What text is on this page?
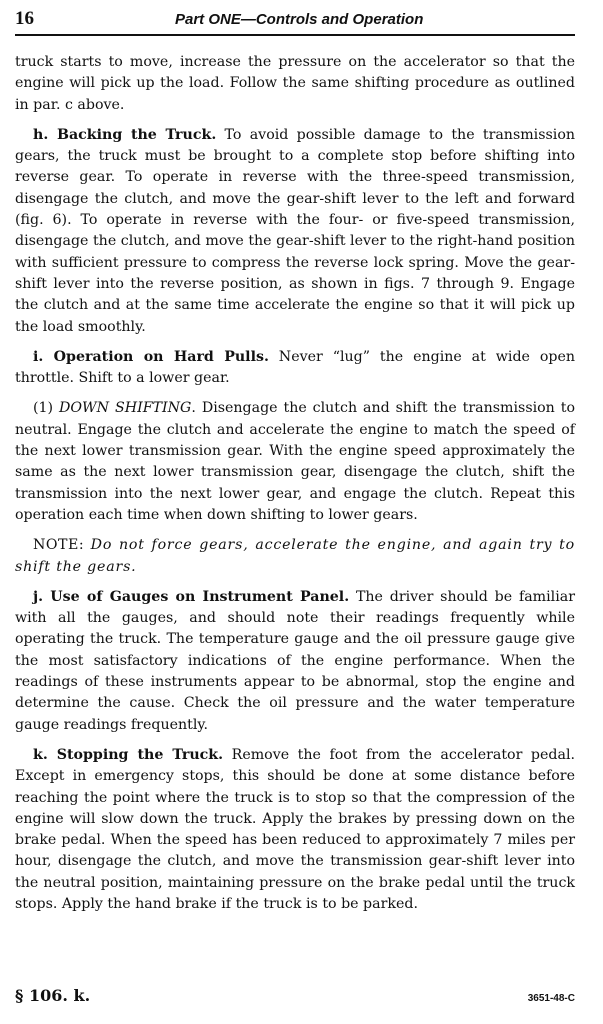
16	Part ONE—Controls and Operation

truck starts to move, increase the pressure on the accelerator so that the engine will pick up the load. Follow the same shifting procedure as outlined in par. c above.

h. Backing the Truck. To avoid possible damage to the transmission gears, the truck must be brought to a complete stop before shifting into reverse gear. To operate in reverse with the three-speed transmission, disengage the clutch, and move the gear-shift lever to the left and forward (fig. 6). To operate in reverse with the four- or five-speed transmission, disengage the clutch, and move the gear-shift lever to the right-hand position with sufficient pressure to compress the reverse lock spring. Move the gear-shift lever into the reverse position, as shown in figs. 7 through 9. Engage the clutch and at the same time accelerate the engine so that it will pick up the load smoothly.

i. Operation on Hard Pulls. Never “lug” the engine at wide open throttle. Shift to a lower gear.

(1) DOWN SHIFTING. Disengage the clutch and shift the transmission to neutral. Engage the clutch and accelerate the engine to match the speed of the next lower transmission gear. With the engine speed approximately the same as the next lower transmission gear, disengage the clutch, shift the transmission into the next lower gear, and engage the clutch. Repeat this operation each time when down shifting to lower gears.

NOTE: Do not force gears, accelerate the engine, and again try to shift the gears.

j. Use of Gauges on Instrument Panel. The driver should be familiar with all the gauges, and should note their readings frequently while operating the truck. The temperature gauge and the oil pressure gauge give the most satisfactory indications of the engine performance. When the readings of these instruments appear to be abnormal, stop the engine and determine the cause. Check the oil pressure and the water temperature gauge readings frequently.

k. Stopping the Truck. Remove the foot from the accelerator pedal. Except in emergency stops, this should be done at some distance before reaching the point where the truck is to stop so that the compression of the engine will slow down the truck. Apply the brakes by pressing down on the brake pedal. When the speed has been reduced to approximately 7 miles per hour, disengage the clutch, and move the transmission gear-shift lever into the neutral position, maintaining pressure on the brake pedal until the truck stops. Apply the hand brake if the truck is to be parked.

§ 106. k.	3651-48-C
